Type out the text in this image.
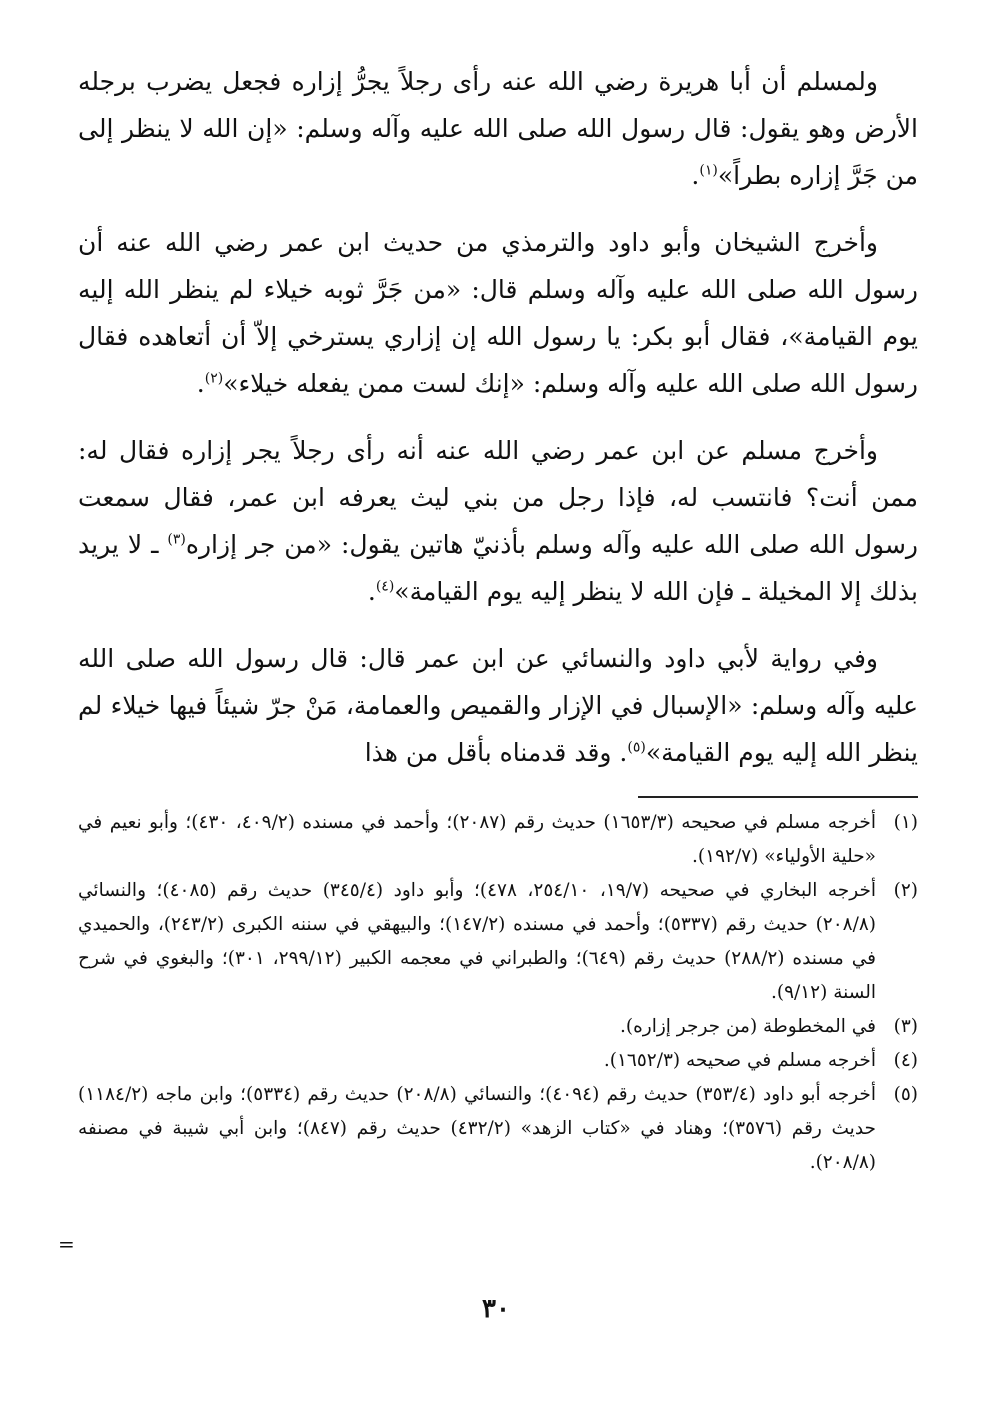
ولمسلم أن أبا هريرة رضي الله عنه رأى رجلاً يجرُّ إزاره فجعل يضرب برجله الأرض وهو يقول: قال رسول الله صلى الله عليه وآله وسلم: «إن الله لا ينظر إلى من جَرَّ إزاره بطراً»$^{(١)}$.

وأخرج الشيخان وأبو داود والترمذي من حديث ابن عمر رضي الله عنه أن رسول الله صلى الله عليه وآله وسلم قال: «من جَرَّ ثوبه خيلاء لم ينظر الله إليه يوم القيامة»، فقال أبو بكر: يا رسول الله إن إزاري يسترخي إلاّ أن أتعاهده فقال رسول الله صلى الله عليه وآله وسلم: «إنك لست ممن يفعله خيلاء»$^{(٢)}$.

وأخرج مسلم عن ابن عمر رضي الله عنه أنه رأى رجلاً يجر إزاره فقال له: ممن أنت؟ فانتسب له، فإذا رجل من بني ليث يعرفه ابن عمر، فقال سمعت رسول الله صلى الله عليه وآله وسلم بأذنيّ هاتين يقول: «من جر إزاره$^{(٣)}$ ـ لا يريد بذلك إلا المخيلة ـ فإن الله لا ينظر إليه يوم القيامة»$^{(٤)}$.

وفي رواية لأبي داود والنسائي عن ابن عمر قال: قال رسول الله صلى الله عليه وآله وسلم: «الإسبال في الإزار والقميص والعمامة، مَنْ جرّ شيئاً فيها خيلاء لم ينظر الله إليه يوم القيامة»$^{(٥)}$. وقد قدمناه بأقل من هذا

(١)
أخرجه مسلم في صحيحه (١٦٥٣/٣) حديث رقم (٢٠٨٧)؛ وأحمد في مسنده (٤٠٩/٢، ٤٣٠)؛ وأبو نعيم في «حلية الأولياء» (١٩٢/٧).
(٢)
أخرجه البخاري في صحيحه (١٩/٧، ٢٥٤/١٠، ٤٧٨)؛ وأبو داود (٣٤٥/٤) حديث رقم (٤٠٨٥)؛ والنسائي (٢٠٨/٨) حديث رقم (٥٣٣٧)؛ وأحمد في مسنده (١٤٧/٢)؛ والبيهقي في سننه الكبرى (٢٤٣/٢)، والحميدي في مسنده (٢٨٨/٢) حديث رقم (٦٤٩)؛ والطبراني في معجمه الكبير (٢٩٩/١٢، ٣٠١)؛ والبغوي في شرح السنة (٩/١٢).
(٣)
في المخطوطة (من جرجر إزاره).
(٤)
أخرجه مسلم في صحيحه (١٦٥٢/٣).
(٥)
أخرجه أبو داود (٣٥٣/٤) حديث رقم (٤٠٩٤)؛ والنسائي (٢٠٨/٨) حديث رقم (٥٣٣٤)؛ وابن ماجه (١١٨٤/٢) حديث رقم (٣٥٧٦)؛ وهناد في «كتاب الزهد» (٤٣٢/٢) حديث رقم (٨٤٧)؛ وابن أبي شيبة في مصنفه (٢٠٨/٨).
=
٣٠
